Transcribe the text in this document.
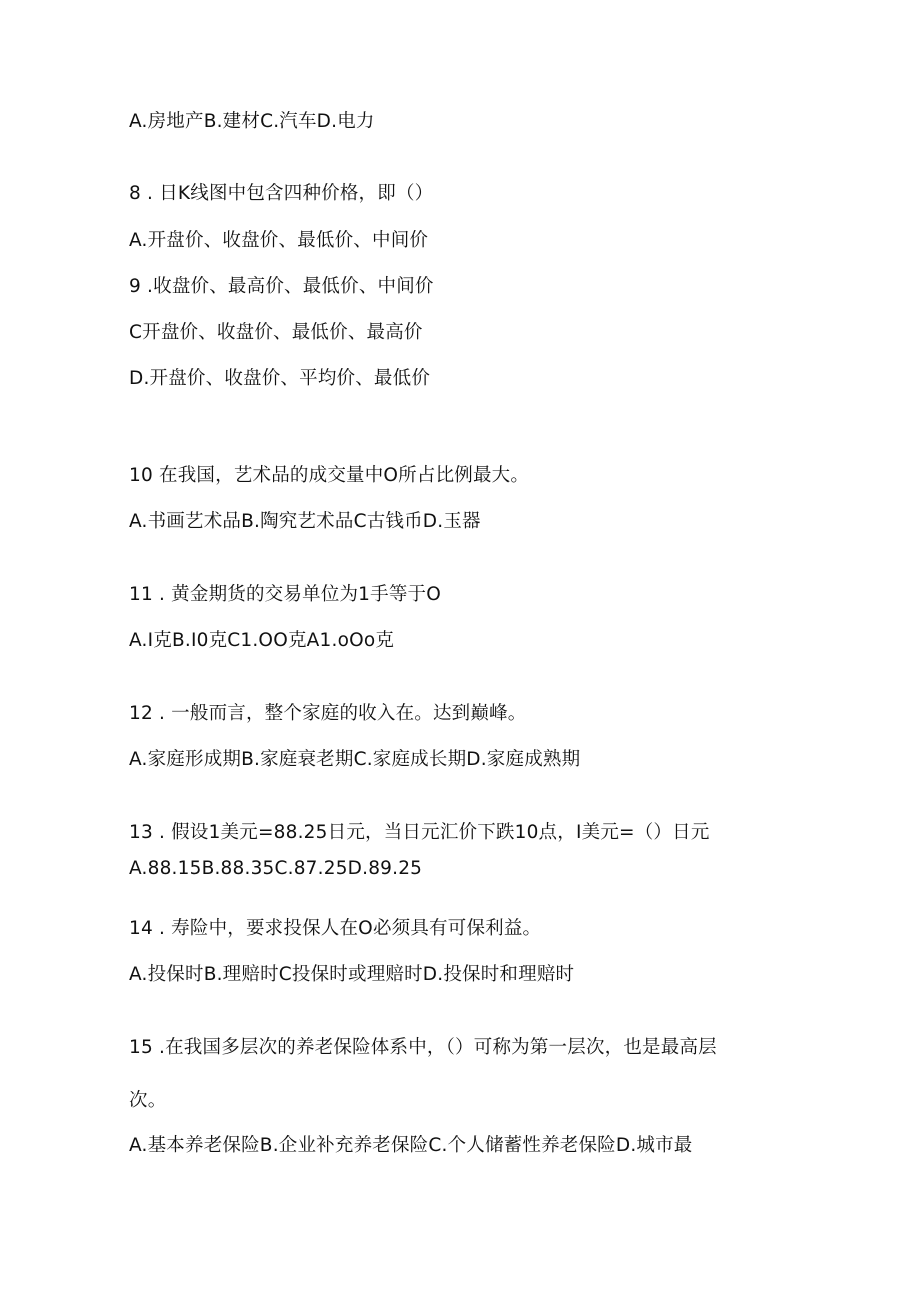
A.房地产B.建材C.汽车D.电力
8 . 日K线图中包含四种价格，即（）
A.开盘价、收盘价、最低价、中间价
9 .收盘价、最高价、最低价、中间价
C开盘价、收盘价、最低价、最高价
D.开盘价、收盘价、平均价、最低价
10 在我国，艺术品的成交量中O所占比例最大。
A.书画艺术品B.陶究艺术品C古钱币D.玉器
11 . 黄金期货的交易单位为1手等于O
A.I克B.I0克C1.OO克A1.oOo克
12 . 一般而言，整个家庭的收入在。达到巅峰。
A.家庭形成期B.家庭衰老期C.家庭成长期D.家庭成熟期
13 . 假设1美元=88.25日元，当日元汇价下跌10点，I美元=（）日元
A.88.15B.88.35C.87.25D.89.25
14 . 寿险中，要求投保人在O必须具有可保利益。
A.投保时B.理赔时C投保时或理赔时D.投保时和理赔时
15 .在我国多层次的养老保险体系中，（）可称为第一层次，也是最高层
次。
A.基本养老保险B.企业补充养老保险C.个人储蓄性养老保险D.城市最
